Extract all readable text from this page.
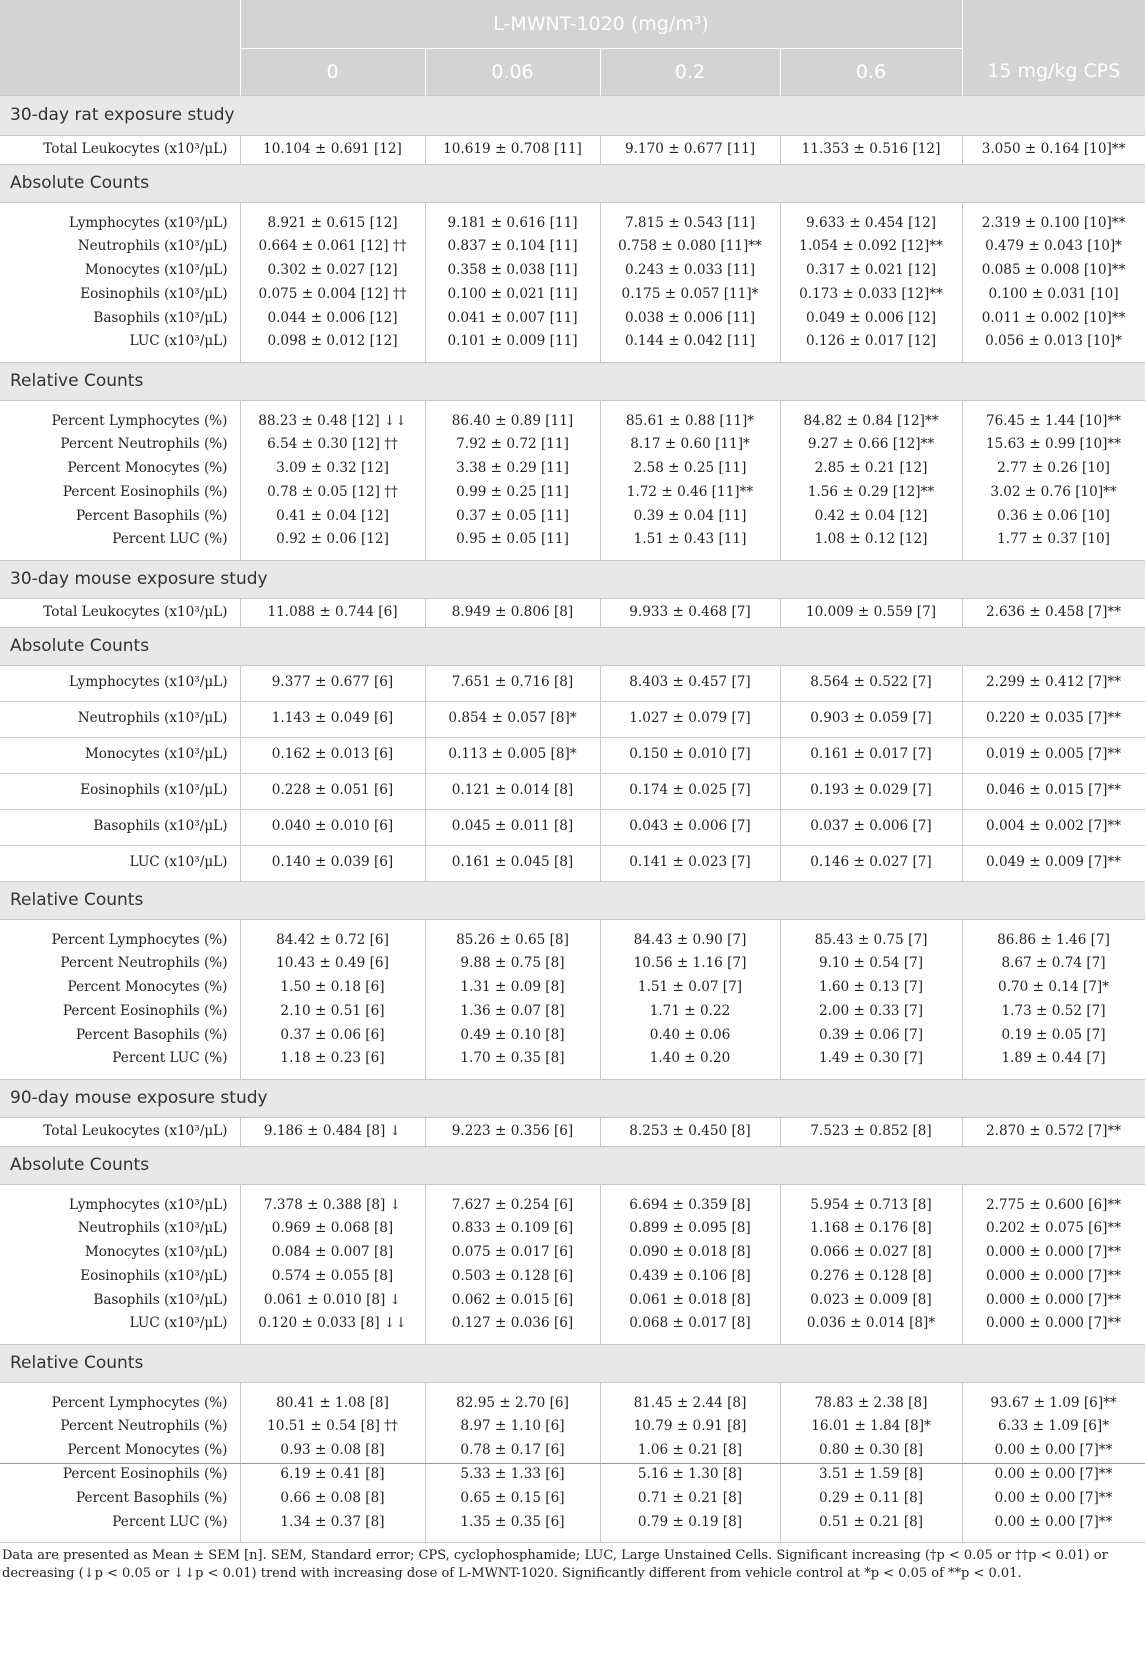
	L-MWNT-1020 (mg/m³)				
	0	0.06	0.2	0.6	15 mg/kg CPS
30-day rat exposure study					
Total Leukocytes (x10³/μL)	10.104 ± 0.691 [12]	10.619 ± 0.708 [11]	9.170 ± 0.677 [11]	11.353 ± 0.516 [12]	3.050 ± 0.164 [10]**
Absolute Counts					
Lymphocytes (x10³/μL)	8.921 ± 0.615 [12]	9.181 ± 0.616 [11]	7.815 ± 0.543 [11]	9.633 ± 0.454 [12]	2.319 ± 0.100 [10]**
Neutrophils (x10³/μL)	0.664 ± 0.061 [12] ††	0.837 ± 0.104 [11]	0.758 ± 0.080 [11]**	1.054 ± 0.092 [12]**	0.479 ± 0.043 [10]*
Monocytes (x10³/μL)	0.302 ± 0.027 [12]	0.358 ± 0.038 [11]	0.243 ± 0.033 [11]	0.317 ± 0.021 [12]	0.085 ± 0.008 [10]**
Eosinophils (x10³/μL)	0.075 ± 0.004 [12] ††	0.100 ± 0.021 [11]	0.175 ± 0.057 [11]*	0.173 ± 0.033 [12]**	0.100 ± 0.031 [10]
Basophils (x10³/μL)	0.044 ± 0.006 [12]	0.041 ± 0.007 [11]	0.038 ± 0.006 [11]	0.049 ± 0.006 [12]	0.011 ± 0.002 [10]**
LUC (x10³/μL)	0.098 ± 0.012 [12]	0.101 ± 0.009 [11]	0.144 ± 0.042 [11]	0.126 ± 0.017 [12]	0.056 ± 0.013 [10]*
Relative Counts					
Percent Lymphocytes (%)	88.23 ± 0.48 [12] ↓↓	86.40 ± 0.89 [11]	85.61 ± 0.88 [11]*	84.82 ± 0.84 [12]**	76.45 ± 1.44 [10]**
Percent Neutrophils (%)	6.54 ± 0.30 [12] ††	7.92 ± 0.72 [11]	8.17 ± 0.60 [11]*	9.27 ± 0.66 [12]**	15.63 ± 0.99 [10]**
Percent Monocytes (%)	3.09 ± 0.32 [12]	3.38 ± 0.29 [11]	2.58 ± 0.25 [11]	2.85 ± 0.21 [12]	2.77 ± 0.26 [10]
Percent Eosinophils (%)	0.78 ± 0.05 [12] ††	0.99 ± 0.25 [11]	1.72 ± 0.46 [11]**	1.56 ± 0.29 [12]**	3.02 ± 0.76 [10]**
Percent Basophils (%)	0.41 ± 0.04 [12]	0.37 ± 0.05 [11]	0.39 ± 0.04 [11]	0.42 ± 0.04 [12]	0.36 ± 0.06 [10]
Percent LUC (%)	0.92 ± 0.06 [12]	0.95 ± 0.05 [11]	1.51 ± 0.43 [11]	1.08 ± 0.12 [12]	1.77 ± 0.37 [10]
30-day mouse exposure study					
Total Leukocytes (x10³/μL)	11.088 ± 0.744 [6]	8.949 ± 0.806 [8]	9.933 ± 0.468 [7]	10.009 ± 0.559 [7]	2.636 ± 0.458 [7]**
Absolute Counts					
Lymphocytes (x10³/μL)	9.377 ± 0.677 [6]	7.651 ± 0.716 [8]	8.403 ± 0.457 [7]	8.564 ± 0.522 [7]	2.299 ± 0.412 [7]**
Neutrophils (x10³/μL)	1.143 ± 0.049 [6]	0.854 ± 0.057 [8]*	1.027 ± 0.079 [7]	0.903 ± 0.059 [7]	0.220 ± 0.035 [7]**
Monocytes (x10³/μL)	0.162 ± 0.013 [6]	0.113 ± 0.005 [8]*	0.150 ± 0.010 [7]	0.161 ± 0.017 [7]	0.019 ± 0.005 [7]**
Eosinophils (x10³/μL)	0.228 ± 0.051 [6]	0.121 ± 0.014 [8]	0.174 ± 0.025 [7]	0.193 ± 0.029 [7]	0.046 ± 0.015 [7]**
Basophils (x10³/μL)	0.040 ± 0.010 [6]	0.045 ± 0.011 [8]	0.043 ± 0.006 [7]	0.037 ± 0.006 [7]	0.004 ± 0.002 [7]**
LUC (x10³/μL)	0.140 ± 0.039 [6]	0.161 ± 0.045 [8]	0.141 ± 0.023 [7]	0.146 ± 0.027 [7]	0.049 ± 0.009 [7]**
Relative Counts					
Percent Lymphocytes (%)	84.42 ± 0.72 [6]	85.26 ± 0.65 [8]	84.43 ± 0.90 [7]	85.43 ± 0.75 [7]	86.86 ± 1.46 [7]
Percent Neutrophils (%)	10.43 ± 0.49 [6]	9.88 ± 0.75 [8]	10.56 ± 1.16 [7]	9.10 ± 0.54 [7]	8.67 ± 0.74 [7]
Percent Monocytes (%)	1.50 ± 0.18 [6]	1.31 ± 0.09 [8]	1.51 ± 0.07 [7]	1.60 ± 0.13 [7]	0.70 ± 0.14 [7]*
Percent Eosinophils (%)	2.10 ± 0.51 [6]	1.36 ± 0.07 [8]	1.71 ± 0.22	2.00 ± 0.33 [7]	1.73 ± 0.52 [7]
Percent Basophils (%)	0.37 ± 0.06 [6]	0.49 ± 0.10 [8]	0.40 ± 0.06	0.39 ± 0.06 [7]	0.19 ± 0.05 [7]
Percent LUC (%)	1.18 ± 0.23 [6]	1.70 ± 0.35 [8]	1.40 ± 0.20	1.49 ± 0.30 [7]	1.89 ± 0.44 [7]
90-day mouse exposure study					
Total Leukocytes (x10³/μL)	9.186 ± 0.484 [8] ↓	9.223 ± 0.356 [6]	8.253 ± 0.450 [8]	7.523 ± 0.852 [8]	2.870 ± 0.572 [7]**
Absolute Counts					
Lymphocytes (x10³/μL)	7.378 ± 0.388 [8] ↓	7.627 ± 0.254 [6]	6.694 ± 0.359 [8]	5.954 ± 0.713 [8]	2.775 ± 0.600 [6]**
Neutrophils (x10³/μL)	0.969 ± 0.068 [8]	0.833 ± 0.109 [6]	0.899 ± 0.095 [8]	1.168 ± 0.176 [8]	0.202 ± 0.075 [6]**
Monocytes (x10³/μL)	0.084 ± 0.007 [8]	0.075 ± 0.017 [6]	0.090 ± 0.018 [8]	0.066 ± 0.027 [8]	0.000 ± 0.000 [7]**
Eosinophils (x10³/μL)	0.574 ± 0.055 [8]	0.503 ± 0.128 [6]	0.439 ± 0.106 [8]	0.276 ± 0.128 [8]	0.000 ± 0.000 [7]**
Basophils (x10³/μL)	0.061 ± 0.010 [8] ↓	0.062 ± 0.015 [6]	0.061 ± 0.018 [8]	0.023 ± 0.009 [8]	0.000 ± 0.000 [7]**
LUC (x10³/μL)	0.120 ± 0.033 [8] ↓↓	0.127 ± 0.036 [6]	0.068 ± 0.017 [8]	0.036 ± 0.014 [8]*	0.000 ± 0.000 [7]**
Relative Counts					
Percent Lymphocytes (%)	80.41 ± 1.08 [8]	82.95 ± 2.70 [6]	81.45 ± 2.44 [8]	78.83 ± 2.38 [8]	93.67 ± 1.09 [6]**
Percent Neutrophils (%)	10.51 ± 0.54 [8] ††	8.97 ± 1.10 [6]	10.79 ± 0.91 [8]	16.01 ± 1.84 [8]*	6.33 ± 1.09 [6]*
Percent Monocytes (%)	0.93 ± 0.08 [8]	0.78 ± 0.17 [6]	1.06 ± 0.21 [8]	0.80 ± 0.30 [8]	0.00 ± 0.00 [7]**
Percent Eosinophils (%)	6.19 ± 0.41 [8]	5.33 ± 1.33 [6]	5.16 ± 1.30 [8]	3.51 ± 1.59 [8]	0.00 ± 0.00 [7]**
Percent Basophils (%)	0.66 ± 0.08 [8]	0.65 ± 0.15 [6]	0.71 ± 0.21 [8]	0.29 ± 0.11 [8]	0.00 ± 0.00 [7]**
Percent LUC (%)	1.34 ± 0.37 [8]	1.35 ± 0.35 [6]	0.79 ± 0.19 [8]	0.51 ± 0.21 [8]	0.00 ± 0.00 [7]**
Data are presented as Mean ± SEM [n]. SEM, Standard error; CPS, cyclophosphamide; LUC, Large Unstained Cells. Significant increasing (†p < 0.05 or ††p < 0.01) or decreasing (↓p < 0.05 or ↓↓p < 0.01) trend with increasing dose of L-MWNT-1020. Significantly different from vehicle control at *p < 0.05 of **p < 0.01.
